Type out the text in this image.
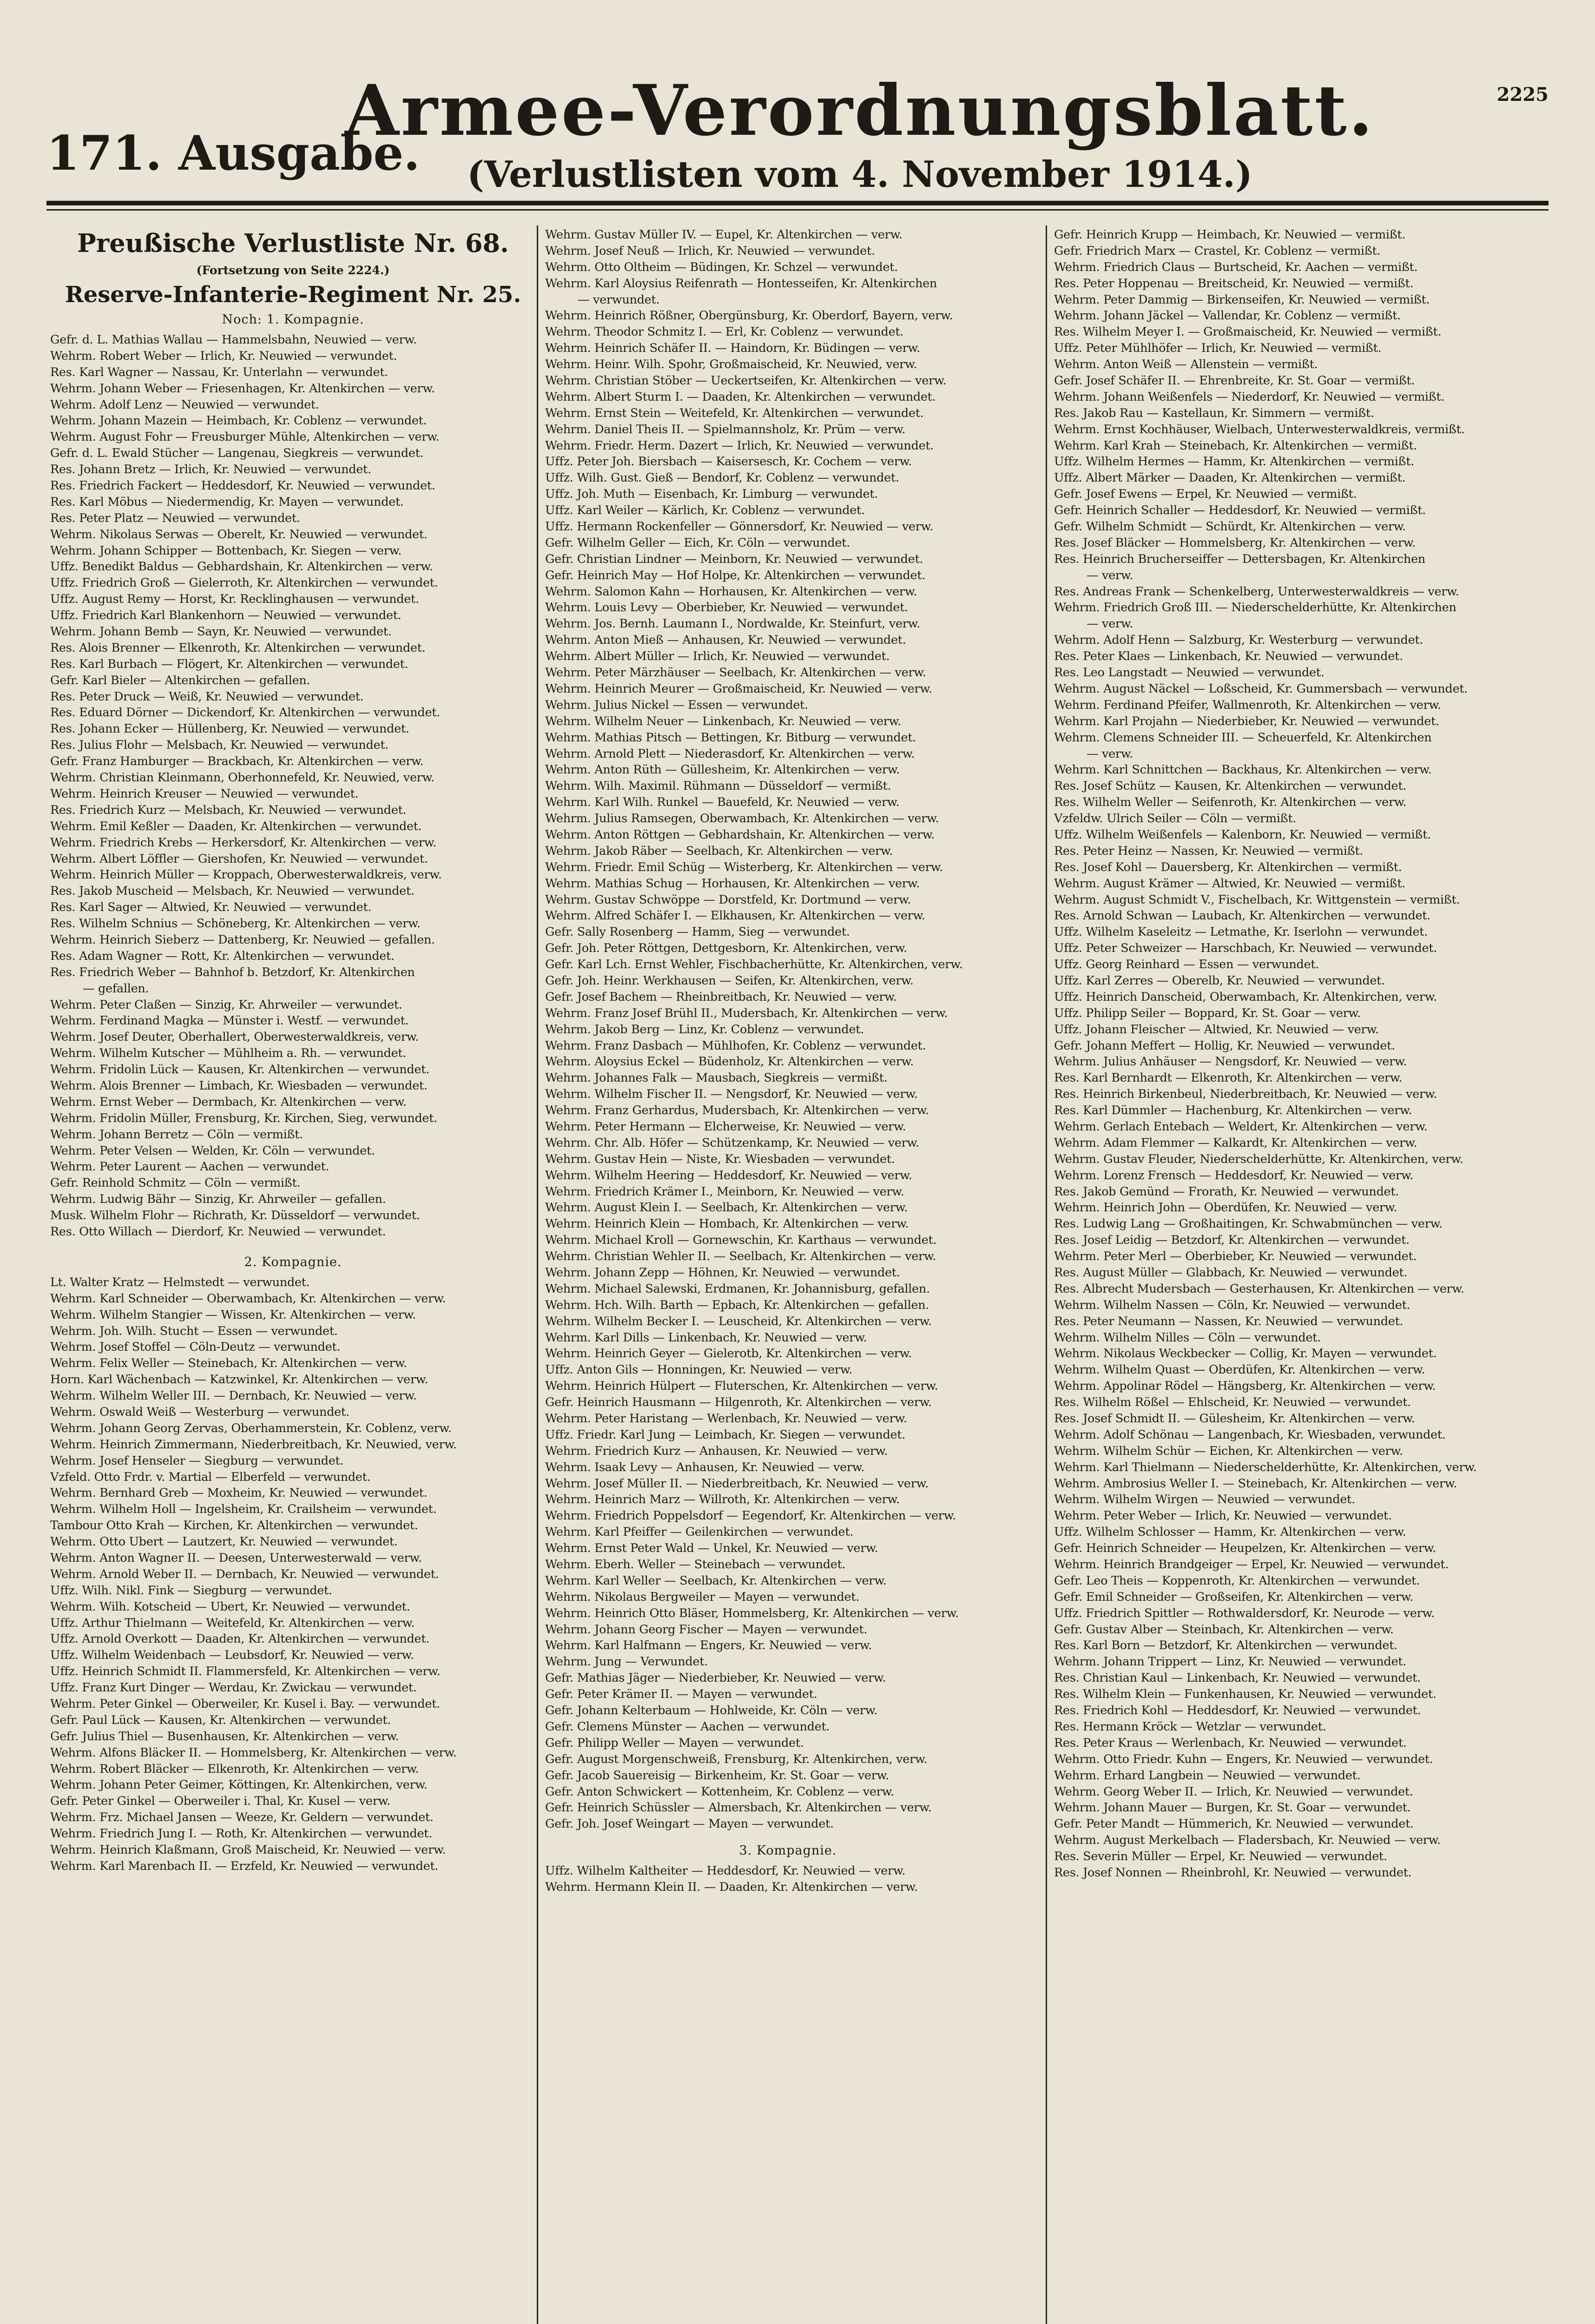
2225
171. Ausgabe.
Armee-Verordnungsblatt.
(Verlustlisten vom 4. November 1914.)
Preußische Verlustliste Nr. 68.
(Fortsetzung von Seite 2224.)
Reserve-Infanterie-Regiment Nr. 25.
Noch: 1. Kompagnie.
Gefr. d. L. Mathias Wallau — Hammelsbahn, Neuwied — verw.
Wehrm. Robert Weber — Irlich, Kr. Neuwied — verwundet.
Res. Karl Wagner — Nassau, Kr. Unterlahn — verwundet.
Wehrm. Johann Weber — Friesenhagen, Kr. Altenkirchen — verw.
Wehrm. Adolf Lenz — Neuwied — verwundet.
Wehrm. Johann Mazein — Heimbach, Kr. Coblenz — verwundet.
Wehrm. August Fohr — Freusburger Mühle, Altenkirchen — verw.
Gefr. d. L. Ewald Stücher — Langenau, Siegkreis — verwundet.
Res. Johann Bretz — Irlich, Kr. Neuwied — verwundet.
Res. Friedrich Fackert — Heddesdorf, Kr. Neuwied — verwundet.
Res. Karl Möbus — Niedermendig, Kr. Mayen — verwundet.
Res. Peter Platz — Neuwied — verwundet.
Wehrm. Nikolaus Serwas — Oberelt, Kr. Neuwied — verwundet.
Wehrm. Johann Schipper — Bottenbach, Kr. Siegen — verw.
Uffz. Benedikt Baldus — Gebhardshain, Kr. Altenkirchen — verw.
Uffz. Friedrich Groß — Gielerroth, Kr. Altenkirchen — verwundet.
Uffz. August Remy — Horst, Kr. Recklinghausen — verwundet.
Uffz. Friedrich Karl Blankenhorn — Neuwied — verwundet.
Wehrm. Johann Bemb — Sayn, Kr. Neuwied — verwundet.
Res. Alois Brenner — Elkenroth, Kr. Altenkirchen — verwundet.
Res. Karl Burbach — Flögert, Kr. Altenkirchen — verwundet.
Gefr. Karl Bieler — Altenkirchen — gefallen.
Res. Peter Druck — Weiß, Kr. Neuwied — verwundet.
Res. Eduard Dörner — Dickendorf, Kr. Altenkirchen — verwundet.
Res. Johann Ecker — Hüllenberg, Kr. Neuwied — verwundet.
Res. Julius Flohr — Melsbach, Kr. Neuwied — verwundet.
Gefr. Franz Hamburger — Brackbach, Kr. Altenkirchen — verw.
Wehrm. Christian Kleinmann, Oberhonnefeld, Kr. Neuwied, verw.
Wehrm. Heinrich Kreuser — Neuwied — verwundet.
Res. Friedrich Kurz — Melsbach, Kr. Neuwied — verwundet.
Wehrm. Emil Keßler — Daaden, Kr. Altenkirchen — verwundet.
Wehrm. Friedrich Krebs — Herkersdorf, Kr. Altenkirchen — verw.
Wehrm. Albert Löffler — Giershofen, Kr. Neuwied — verwundet.
Wehrm. Heinrich Müller — Kroppach, Oberwesterwaldkreis, verw.
Res. Jakob Muscheid — Melsbach, Kr. Neuwied — verwundet.
Res. Karl Sager — Altwied, Kr. Neuwied — verwundet.
Res. Wilhelm Schnius — Schöneberg, Kr. Altenkirchen — verw.
Wehrm. Heinrich Sieberz — Dattenberg, Kr. Neuwied — gefallen.
Res. Adam Wagner — Rott, Kr. Altenkirchen — verwundet.
Res. Friedrich Weber — Bahnhof b. Betzdorf, Kr. Altenkirchen
— gefallen.
Wehrm. Peter Claßen — Sinzig, Kr. Ahrweiler — verwundet.
Wehrm. Ferdinand Magka — Münster i. Westf. — verwundet.
Wehrm. Josef Deuter, Oberhallert, Oberwesterwaldkreis, verw.
Wehrm. Wilhelm Kutscher — Mühlheim a. Rh. — verwundet.
Wehrm. Fridolin Lück — Kausen, Kr. Altenkirchen — verwundet.
Wehrm. Alois Brenner — Limbach, Kr. Wiesbaden — verwundet.
Wehrm. Ernst Weber — Dermbach, Kr. Altenkirchen — verw.
Wehrm. Fridolin Müller, Frensburg, Kr. Kirchen, Sieg, verwundet.
Wehrm. Johann Berretz — Cöln — vermißt.
Wehrm. Peter Velsen — Welden, Kr. Cöln — verwundet.
Wehrm. Peter Laurent — Aachen — verwundet.
Gefr. Reinhold Schmitz — Cöln — vermißt.
Wehrm. Ludwig Bähr — Sinzig, Kr. Ahrweiler — gefallen.
Musk. Wilhelm Flohr — Richrath, Kr. Düsseldorf — verwundet.
Res. Otto Willach — Dierdorf, Kr. Neuwied — verwundet.
2. Kompagnie.
Lt. Walter Kratz — Helmstedt — verwundet.
Wehrm. Karl Schneider — Oberwambach, Kr. Altenkirchen — verw.
Wehrm. Wilhelm Stangier — Wissen, Kr. Altenkirchen — verw.
Wehrm. Joh. Wilh. Stucht — Essen — verwundet.
Wehrm. Josef Stoffel — Cöln-Deutz — verwundet.
Wehrm. Felix Weller — Steinebach, Kr. Altenkirchen — verw.
Horn. Karl Wächenbach — Katzwinkel, Kr. Altenkirchen — verw.
Wehrm. Wilhelm Weller III. — Dernbach, Kr. Neuwied — verw.
Wehrm. Oswald Weiß — Westerburg — verwundet.
Wehrm. Johann Georg Zervas, Oberhammerstein, Kr. Coblenz, verw.
Wehrm. Heinrich Zimmermann, Niederbreitbach, Kr. Neuwied, verw.
Wehrm. Josef Henseler — Siegburg — verwundet.
Vzfeld. Otto Frdr. v. Martial — Elberfeld — verwundet.
Wehrm. Bernhard Greb — Moxheim, Kr. Neuwied — verwundet.
Wehrm. Wilhelm Holl — Ingelsheim, Kr. Crailsheim — verwundet.
Tambour Otto Krah — Kirchen, Kr. Altenkirchen — verwundet.
Wehrm. Otto Ubert — Lautzert, Kr. Neuwied — verwundet.
Wehrm. Anton Wagner II. — Deesen, Unterwesterwald — verw.
Wehrm. Arnold Weber II. — Dernbach, Kr. Neuwied — verwundet.
Uffz. Wilh. Nikl. Fink — Siegburg — verwundet.
Wehrm. Wilh. Kotscheid — Ubert, Kr. Neuwied — verwundet.
Uffz. Arthur Thielmann — Weitefeld, Kr. Altenkirchen — verw.
Uffz. Arnold Overkott — Daaden, Kr. Altenkirchen — verwundet.
Uffz. Wilhelm Weidenbach — Leubsdorf, Kr. Neuwied — verw.
Uffz. Heinrich Schmidt II. Flammersfeld, Kr. Altenkirchen — verw.
Uffz. Franz Kurt Dinger — Werdau, Kr. Zwickau — verwundet.
Wehrm. Peter Ginkel — Oberweiler, Kr. Kusel i. Bay. — verwundet.
Gefr. Paul Lück — Kausen, Kr. Altenkirchen — verwundet.
Gefr. Julius Thiel — Busenhausen, Kr. Altenkirchen — verw.
Wehrm. Alfons Bläcker II. — Hommelsberg, Kr. Altenkirchen — verw.
Wehrm. Robert Bläcker — Elkenroth, Kr. Altenkirchen — verw.
Wehrm. Johann Peter Geimer, Köttingen, Kr. Altenkirchen, verw.
Gefr. Peter Ginkel — Oberweiler i. Thal, Kr. Kusel — verw.
Wehrm. Frz. Michael Jansen — Weeze, Kr. Geldern — verwundet.
Wehrm. Friedrich Jung I. — Roth, Kr. Altenkirchen — verwundet.
Wehrm. Heinrich Klaßmann, Groß Maischeid, Kr. Neuwied — verw.
Wehrm. Karl Marenbach II. — Erzfeld, Kr. Neuwied — verwundet.
Wehrm. Gustav Müller IV. — Eupel, Kr. Altenkirchen — verw.
Wehrm. Josef Neuß — Irlich, Kr. Neuwied — verwundet.
Wehrm. Otto Oltheim — Büdingen, Kr. Schzel — verwundet.
Wehrm. Karl Aloysius Reifenrath — Hontesseifen, Kr. Altenkirchen
— verwundet.
Wehrm. Heinrich Rößner, Obergünsburg, Kr. Oberdorf, Bayern, verw.
Wehrm. Theodor Schmitz I. — Erl, Kr. Coblenz — verwundet.
Wehrm. Heinrich Schäfer II. — Haindorn, Kr. Büdingen — verw.
Wehrm. Heinr. Wilh. Spohr, Großmaischeid, Kr. Neuwied, verw.
Wehrm. Christian Stöber — Ueckertseifen, Kr. Altenkirchen — verw.
Wehrm. Albert Sturm I. — Daaden, Kr. Altenkirchen — verwundet.
Wehrm. Ernst Stein — Weitefeld, Kr. Altenkirchen — verwundet.
Wehrm. Daniel Theis II. — Spielmannsholz, Kr. Prüm — verw.
Wehrm. Friedr. Herm. Dazert — Irlich, Kr. Neuwied — verwundet.
Uffz. Peter Joh. Biersbach — Kaisersesch, Kr. Cochem — verw.
Uffz. Wilh. Gust. Gieß — Bendorf, Kr. Coblenz — verwundet.
Uffz. Joh. Muth — Eisenbach, Kr. Limburg — verwundet.
Uffz. Karl Weiler — Kärlich, Kr. Coblenz — verwundet.
Uffz. Hermann Rockenfeller — Gönnersdorf, Kr. Neuwied — verw.
Gefr. Wilhelm Geller — Eich, Kr. Cöln — verwundet.
Gefr. Christian Lindner — Meinborn, Kr. Neuwied — verwundet.
Gefr. Heinrich May — Hof Holpe, Kr. Altenkirchen — verwundet.
Wehrm. Salomon Kahn — Horhausen, Kr. Altenkirchen — verw.
Wehrm. Louis Levy — Oberbieber, Kr. Neuwied — verwundet.
Wehrm. Jos. Bernh. Laumann I., Nordwalde, Kr. Steinfurt, verw.
Wehrm. Anton Mieß — Anhausen, Kr. Neuwied — verwundet.
Wehrm. Albert Müller — Irlich, Kr. Neuwied — verwundet.
Wehrm. Peter Märzhäuser — Seelbach, Kr. Altenkirchen — verw.
Wehrm. Heinrich Meurer — Großmaischeid, Kr. Neuwied — verw.
Wehrm. Julius Nickel — Essen — verwundet.
Wehrm. Wilhelm Neuer — Linkenbach, Kr. Neuwied — verw.
Wehrm. Mathias Pitsch — Bettingen, Kr. Bitburg — verwundet.
Wehrm. Arnold Plett — Niederasdorf, Kr. Altenkirchen — verw.
Wehrm. Anton Rüth — Güllesheim, Kr. Altenkirchen — verw.
Wehrm. Wilh. Maximil. Rühmann — Düsseldorf — vermißt.
Wehrm. Karl Wilh. Runkel — Bauefeld, Kr. Neuwied — verw.
Wehrm. Julius Ramsegen, Oberwambach, Kr. Altenkirchen — verw.
Wehrm. Anton Röttgen — Gebhardshain, Kr. Altenkirchen — verw.
Wehrm. Jakob Räber — Seelbach, Kr. Altenkirchen — verw.
Wehrm. Friedr. Emil Schüg — Wisterberg, Kr. Altenkirchen — verw.
Wehrm. Mathias Schug — Horhausen, Kr. Altenkirchen — verw.
Wehrm. Gustav Schwöppe — Dorstfeld, Kr. Dortmund — verw.
Wehrm. Alfred Schäfer I. — Elkhausen, Kr. Altenkirchen — verw.
Gefr. Sally Rosenberg — Hamm, Sieg — verwundet.
Gefr. Joh. Peter Röttgen, Dettgesborn, Kr. Altenkirchen, verw.
Gefr. Karl Lch. Ernst Wehler, Fischbacherhütte, Kr. Altenkirchen, verw.
Gefr. Joh. Heinr. Werkhausen — Seifen, Kr. Altenkirchen, verw.
Gefr. Josef Bachem — Rheinbreitbach, Kr. Neuwied — verw.
Wehrm. Franz Josef Brühl II., Mudersbach, Kr. Altenkirchen — verw.
Wehrm. Jakob Berg — Linz, Kr. Coblenz — verwundet.
Wehrm. Franz Dasbach — Mühlhofen, Kr. Coblenz — verwundet.
Wehrm. Aloysius Eckel — Büdenholz, Kr. Altenkirchen — verw.
Wehrm. Johannes Falk — Mausbach, Siegkreis — vermißt.
Wehrm. Wilhelm Fischer II. — Nengsdorf, Kr. Neuwied — verw.
Wehrm. Franz Gerhardus, Mudersbach, Kr. Altenkirchen — verw.
Wehrm. Peter Hermann — Elcherweise, Kr. Neuwied — verw.
Wehrm. Chr. Alb. Höfer — Schützenkamp, Kr. Neuwied — verw.
Wehrm. Gustav Hein — Niste, Kr. Wiesbaden — verwundet.
Wehrm. Wilhelm Heering — Heddesdorf, Kr. Neuwied — verw.
Wehrm. Friedrich Krämer I., Meinborn, Kr. Neuwied — verw.
Wehrm. August Klein I. — Seelbach, Kr. Altenkirchen — verw.
Wehrm. Heinrich Klein — Hombach, Kr. Altenkirchen — verw.
Wehrm. Michael Kroll — Gornewschin, Kr. Karthaus — verwundet.
Wehrm. Christian Wehler II. — Seelbach, Kr. Altenkirchen — verw.
Wehrm. Johann Zepp — Höhnen, Kr. Neuwied — verwundet.
Wehrm. Michael Salewski, Erdmanen, Kr. Johannisburg, gefallen.
Wehrm. Hch. Wilh. Barth — Epbach, Kr. Altenkirchen — gefallen.
Wehrm. Wilhelm Becker I. — Leuscheid, Kr. Altenkirchen — verw.
Wehrm. Karl Dills — Linkenbach, Kr. Neuwied — verw.
Wehrm. Heinrich Geyer — Gielerotb, Kr. Altenkirchen — verw.
Uffz. Anton Gils — Honningen, Kr. Neuwied — verw.
Wehrm. Heinrich Hülpert — Fluterschen, Kr. Altenkirchen — verw.
Gefr. Heinrich Hausmann — Hilgenroth, Kr. Altenkirchen — verw.
Wehrm. Peter Haristang — Werlenbach, Kr. Neuwied — verw.
Uffz. Friedr. Karl Jung — Leimbach, Kr. Siegen — verwundet.
Wehrm. Friedrich Kurz — Anhausen, Kr. Neuwied — verw.
Wehrm. Isaak Levy — Anhausen, Kr. Neuwied — verw.
Wehrm. Josef Müller II. — Niederbreitbach, Kr. Neuwied — verw.
Wehrm. Heinrich Marz — Willroth, Kr. Altenkirchen — verw.
Wehrm. Friedrich Poppelsdorf — Eegendorf, Kr. Altenkirchen — verw.
Wehrm. Karl Pfeiffer — Geilenkirchen — verwundet.
Wehrm. Ernst Peter Wald — Unkel, Kr. Neuwied — verw.
Wehrm. Eberh. Weller — Steinebach — verwundet.
Wehrm. Karl Weller — Seelbach, Kr. Altenkirchen — verw.
Wehrm. Nikolaus Bergweiler — Mayen — verwundet.
Wehrm. Heinrich Otto Bläser, Hommelsberg, Kr. Altenkirchen — verw.
Wehrm. Johann Georg Fischer — Mayen — verwundet.
Wehrm. Karl Halfmann — Engers, Kr. Neuwied — verw.
Wehrm. Jung — Verwundet.
Gefr. Mathias Jäger — Niederbieber, Kr. Neuwied — verw.
Gefr. Peter Krämer II. — Mayen — verwundet.
Gefr. Johann Kelterbaum — Hohlweide, Kr. Cöln — verw.
Gefr. Clemens Münster — Aachen — verwundet.
Gefr. Philipp Weller — Mayen — verwundet.
Gefr. August Morgenschweiß, Frensburg, Kr. Altenkirchen, verw.
Gefr. Jacob Sauereisig — Birkenheim, Kr. St. Goar — verw.
Gefr. Anton Schwickert — Kottenheim, Kr. Coblenz — verw.
Gefr. Heinrich Schüssler — Almersbach, Kr. Altenkirchen — verw.
Gefr. Joh. Josef Weingart — Mayen — verwundet.
3. Kompagnie.
Uffz. Wilhelm Kaltheiter — Heddesdorf, Kr. Neuwied — verw.
Wehrm. Hermann Klein II. — Daaden, Kr. Altenkirchen — verw.
Gefr. Heinrich Krupp — Heimbach, Kr. Neuwied — vermißt.
Gefr. Friedrich Marx — Crastel, Kr. Coblenz — vermißt.
Wehrm. Friedrich Claus — Burtscheid, Kr. Aachen — vermißt.
Res. Peter Hoppenau — Breitscheid, Kr. Neuwied — vermißt.
Wehrm. Peter Dammig — Birkenseifen, Kr. Neuwied — vermißt.
Wehrm. Johann Jäckel — Vallendar, Kr. Coblenz — vermißt.
Res. Wilhelm Meyer I. — Großmaischeid, Kr. Neuwied — vermißt.
Uffz. Peter Mühlhöfer — Irlich, Kr. Neuwied — vermißt.
Wehrm. Anton Weiß — Allenstein — vermißt.
Gefr. Josef Schäfer II. — Ehrenbreite, Kr. St. Goar — vermißt.
Wehrm. Johann Weißenfels — Niederdorf, Kr. Neuwied — vermißt.
Res. Jakob Rau — Kastellaun, Kr. Simmern — vermißt.
Wehrm. Ernst Kochhäuser, Wielbach, Unterwesterwaldkreis, vermißt.
Wehrm. Karl Krah — Steinebach, Kr. Altenkirchen — vermißt.
Uffz. Wilhelm Hermes — Hamm, Kr. Altenkirchen — vermißt.
Uffz. Albert Märker — Daaden, Kr. Altenkirchen — vermißt.
Gefr. Josef Ewens — Erpel, Kr. Neuwied — vermißt.
Gefr. Heinrich Schaller — Heddesdorf, Kr. Neuwied — vermißt.
Gefr. Wilhelm Schmidt — Schürdt, Kr. Altenkirchen — verw.
Res. Josef Bläcker — Hommelsberg, Kr. Altenkirchen — verw.
Res. Heinrich Brucherseiffer — Dettersbagen, Kr. Altenkirchen
— verw.
Res. Andreas Frank — Schenkelberg, Unterwesterwaldkreis — verw.
Wehrm. Friedrich Groß III. — Niederschelderhütte, Kr. Altenkirchen
— verw.
Wehrm. Adolf Henn — Salzburg, Kr. Westerburg — verwundet.
Res. Peter Klaes — Linkenbach, Kr. Neuwied — verwundet.
Res. Leo Langstadt — Neuwied — verwundet.
Wehrm. August Näckel — Loßscheid, Kr. Gummersbach — verwundet.
Wehrm. Ferdinand Pfeifer, Wallmenroth, Kr. Altenkirchen — verw.
Wehrm. Karl Projahn — Niederbieber, Kr. Neuwied — verwundet.
Wehrm. Clemens Schneider III. — Scheuerfeld, Kr. Altenkirchen
— verw.
Wehrm. Karl Schnittchen — Backhaus, Kr. Altenkirchen — verw.
Res. Josef Schütz — Kausen, Kr. Altenkirchen — verwundet.
Res. Wilhelm Weller — Seifenroth, Kr. Altenkirchen — verw.
Vzfeldw. Ulrich Seiler — Cöln — vermißt.
Uffz. Wilhelm Weißenfels — Kalenborn, Kr. Neuwied — vermißt.
Res. Peter Heinz — Nassen, Kr. Neuwied — vermißt.
Res. Josef Kohl — Dauersberg, Kr. Altenkirchen — vermißt.
Wehrm. August Krämer — Altwied, Kr. Neuwied — vermißt.
Wehrm. August Schmidt V., Fischelbach, Kr. Wittgenstein — vermißt.
Res. Arnold Schwan — Laubach, Kr. Altenkirchen — verwundet.
Uffz. Wilhelm Kaseleitz — Letmathe, Kr. Iserlohn — verwundet.
Uffz. Peter Schweizer — Harschbach, Kr. Neuwied — verwundet.
Uffz. Georg Reinhard — Essen — verwundet.
Uffz. Karl Zerres — Oberelb, Kr. Neuwied — verwundet.
Uffz. Heinrich Danscheid, Oberwambach, Kr. Altenkirchen, verw.
Uffz. Philipp Seiler — Boppard, Kr. St. Goar — verw.
Uffz. Johann Fleischer — Altwied, Kr. Neuwied — verw.
Gefr. Johann Meffert — Hollig, Kr. Neuwied — verwundet.
Wehrm. Julius Anhäuser — Nengsdorf, Kr. Neuwied — verw.
Res. Karl Bernhardt — Elkenroth, Kr. Altenkirchen — verw.
Res. Heinrich Birkenbeul, Niederbreitbach, Kr. Neuwied — verw.
Res. Karl Dümmler — Hachenburg, Kr. Altenkirchen — verw.
Wehrm. Gerlach Entebach — Weldert, Kr. Altenkirchen — verw.
Wehrm. Adam Flemmer — Kalkardt, Kr. Altenkirchen — verw.
Wehrm. Gustav Fleuder, Niederschelderhütte, Kr. Altenkirchen, verw.
Wehrm. Lorenz Frensch — Heddesdorf, Kr. Neuwied — verw.
Res. Jakob Gemünd — Frorath, Kr. Neuwied — verwundet.
Wehrm. Heinrich John — Oberdüfen, Kr. Neuwied — verw.
Res. Ludwig Lang — Großhaitingen, Kr. Schwabmünchen — verw.
Res. Josef Leidig — Betzdorf, Kr. Altenkirchen — verwundet.
Wehrm. Peter Merl — Oberbieber, Kr. Neuwied — verwundet.
Res. August Müller — Glabbach, Kr. Neuwied — verwundet.
Res. Albrecht Mudersbach — Gesterhausen, Kr. Altenkirchen — verw.
Wehrm. Wilhelm Nassen — Cöln, Kr. Neuwied — verwundet.
Res. Peter Neumann — Nassen, Kr. Neuwied — verwundet.
Wehrm. Wilhelm Nilles — Cöln — verwundet.
Wehrm. Nikolaus Weckbecker — Collig, Kr. Mayen — verwundet.
Wehrm. Wilhelm Quast — Oberdüfen, Kr. Altenkirchen — verw.
Wehrm. Appolinar Rödel — Hängsberg, Kr. Altenkirchen — verw.
Res. Wilhelm Rößel — Ehlscheid, Kr. Neuwied — verwundet.
Res. Josef Schmidt II. — Gülesheim, Kr. Altenkirchen — verw.
Wehrm. Adolf Schönau — Langenbach, Kr. Wiesbaden, verwundet.
Wehrm. Wilhelm Schür — Eichen, Kr. Altenkirchen — verw.
Wehrm. Karl Thielmann — Niederschelderhütte, Kr. Altenkirchen, verw.
Wehrm. Ambrosius Weller I. — Steinebach, Kr. Altenkirchen — verw.
Wehrm. Wilhelm Wirgen — Neuwied — verwundet.
Wehrm. Peter Weber — Irlich, Kr. Neuwied — verwundet.
Uffz. Wilhelm Schlosser — Hamm, Kr. Altenkirchen — verw.
Gefr. Heinrich Schneider — Heupelzen, Kr. Altenkirchen — verw.
Wehrm. Heinrich Brandgeiger — Erpel, Kr. Neuwied — verwundet.
Gefr. Leo Theis — Koppenroth, Kr. Altenkirchen — verwundet.
Gefr. Emil Schneider — Großseifen, Kr. Altenkirchen — verw.
Uffz. Friedrich Spittler — Rothwaldersdorf, Kr. Neurode — verw.
Gefr. Gustav Alber — Steinbach, Kr. Altenkirchen — verw.
Res. Karl Born — Betzdorf, Kr. Altenkirchen — verwundet.
Wehrm. Johann Trippert — Linz, Kr. Neuwied — verwundet.
Res. Christian Kaul — Linkenbach, Kr. Neuwied — verwundet.
Res. Wilhelm Klein — Funkenhausen, Kr. Neuwied — verwundet.
Res. Friedrich Kohl — Heddesdorf, Kr. Neuwied — verwundet.
Res. Hermann Kröck — Wetzlar — verwundet.
Res. Peter Kraus — Werlenbach, Kr. Neuwied — verwundet.
Wehrm. Otto Friedr. Kuhn — Engers, Kr. Neuwied — verwundet.
Wehrm. Erhard Langbein — Neuwied — verwundet.
Wehrm. Georg Weber II. — Irlich, Kr. Neuwied — verwundet.
Wehrm. Johann Mauer — Burgen, Kr. St. Goar — verwundet.
Gefr. Peter Mandt — Hümmerich, Kr. Neuwied — verwundet.
Wehrm. August Merkelbach — Fladersbach, Kr. Neuwied — verw.
Res. Severin Müller — Erpel, Kr. Neuwied — verwundet.
Res. Josef Nonnen — Rheinbrohl, Kr. Neuwied — verwundet.
